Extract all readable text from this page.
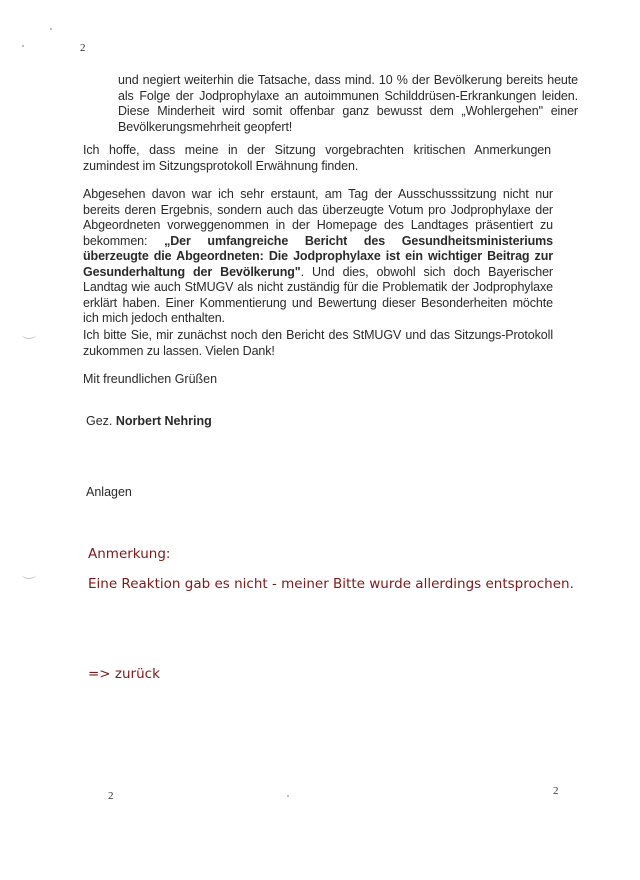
2
und negiert weiterhin die Tatsache, dass mind. 10 % der Bevölkerung bereits heute als Folge der Jodprophylaxe an autoimmunen Schilddrüsen-Erkrankungen leiden. Diese Minderheit wird somit offenbar ganz bewusst dem „Wohlergehen" einer Bevölkerungsmehrheit geopfert!
Ich hoffe, dass meine in der Sitzung vorgebrachten kritischen Anmerkungen zumindest im Sitzungsprotokoll Erwähnung finden.
Abgesehen davon war ich sehr erstaunt, am Tag der Ausschusssitzung nicht nur bereits deren Ergebnis, sondern auch das überzeugte Votum pro Jodprophylaxe der Abgeordneten vorweggenommen in der Homepage des Landtages präsentiert zu bekommen: „Der umfangreiche Bericht des Gesundheitsministeriums überzeugte die Abgeordneten: Die Jodprophylaxe ist ein wichtiger Beitrag zur Gesunderhaltung der Bevölkerung". Und dies, obwohl sich doch Bayerischer Landtag wie auch StMUGV als nicht zuständig für die Problematik der Jodprophylaxe erklärt haben. Einer Kommentierung und Bewertung dieser Besonderheiten möchte ich mich jedoch enthalten.
Ich bitte Sie, mir zunächst noch den Bericht des StMUGV und das Sitzungs-Protokoll zukommen zu lassen. Vielen Dank!
Mit freundlichen Grüßen
Gez. Norbert Nehring
Anlagen
Anmerkung:
Eine Reaktion gab es nicht - meiner Bitte wurde allerdings entsprochen.
=> zurück
2	2
